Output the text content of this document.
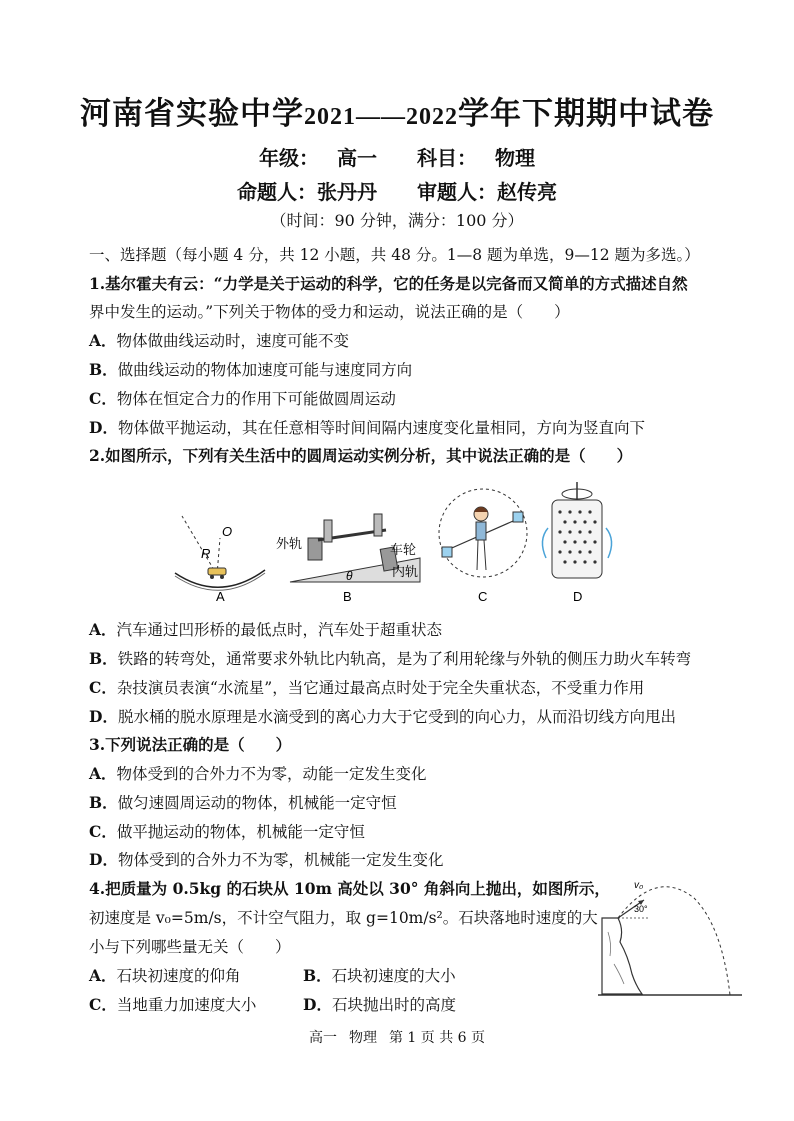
河南省实验中学2021——2022学年下期期中试卷
年级： 高一 科目： 物理
命题人：张丹丹 审题人：赵传亮
（时间：90 分钟，满分：100 分）
一、选择题（每小题 4 分，共 12 小题，共 48 分。1—8 题为单选，9—12 题为多选。）
1.基尔霍夫有云：“力学是关于运动的科学，它的任务是以完备而又简单的方式描述自然
界中发生的运动。”下列关于物体的受力和运动，说法正确的是（　　）
A．物体做曲线运动时，速度可能不变
B．做曲线运动的物体加速度可能与速度同方向
C．物体在恒定合力的作用下可能做圆周运动
D．物体做平抛运动，其在任意相等时间间隔内速度变化量相同，方向为竖直向下
2.如图所示，下列有关生活中的圆周运动实例分析，其中说法正确的是（　　）
O
R
A
外轨	车轮
内轨
θ
B	C	D
A．汽车通过凹形桥的最低点时，汽车处于超重状态
B．铁路的转弯处，通常要求外轨比内轨高，是为了利用轮缘与外轨的侧压力助火车转弯
C．杂技演员表演“水流星”，当它通过最高点时处于完全失重状态，不受重力作用
D．脱水桶的脱水原理是水滴受到的离心力大于它受到的向心力，从而沿切线方向甩出
3.下列说法正确的是（　　）
A．物体受到的合外力不为零，动能一定发生变化
B．做匀速圆周运动的物体，机械能一定守恒
C．做平抛运动的物体，机械能一定守恒
D．物体受到的合外力不为零，机械能一定发生变化
4.把质量为 0.5kg 的石块从 10m 高处以 30° 角斜向上抛出，如图所示，
初速度是 v₀=5m/s，不计空气阻力，取 g=10m/s²。石块落地时速度的大
小与下列哪些量无关（　　）
A．石块初速度的仰角	B．石块初速度的大小
C．当地重力加速度大小	D．石块抛出时的高度
v₀
30°
高一 物理 第 1 页 共 6 页
